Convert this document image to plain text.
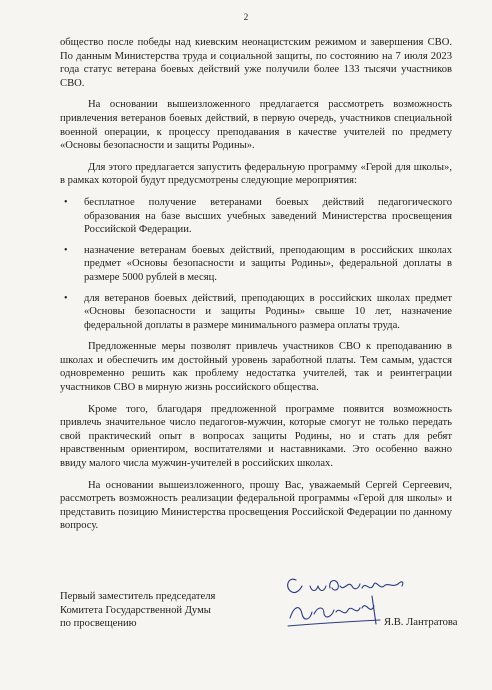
2

общество после победы над киевским неонацистским режимом и завершения СВО. По данным Министерства труда и социальной защиты, по состоянию на 7 июля 2023 года статус ветерана боевых действий уже получили более 133 тысячи участников СВО.

На основании вышеизложенного предлагается рассмотреть возможность привлечения ветеранов боевых действий, в первую очередь, участников специальной военной операции, к процессу преподавания в качестве учителей по предмету «Основы безопасности и защиты Родины».

Для этого предлагается запустить федеральную программу «Герой для школы», в рамках которой будут предусмотрены следующие мероприятия:

• бесплатное получение ветеранами боевых действий педагогического образования на базе высших учебных заведений Министерства просвещения Российской Федерации.
• назначение ветеранам боевых действий, преподающим в российских школах предмет «Основы безопасности и защиты Родины», федеральной доплаты в размере 5000 рублей в месяц.
• для ветеранов боевых действий, преподающих в российских школах предмет «Основы безопасности и защиты Родины» свыше 10 лет, назначение федеральной доплаты в размере минимального размера оплаты труда.

Предложенные меры позволят привлечь участников СВО к преподаванию в школах и обеспечить им достойный уровень заработной платы. Тем самым, удастся одновременно решить как проблему недостатка учителей, так и реинтеграции участников СВО в мирную жизнь российского общества.

Кроме того, благодаря предложенной программе появится возможность привлечь значительное число педагогов-мужчин, которые смогут не только передать свой практический опыт в вопросах защиты Родины, но и стать для ребят нравственным ориентиром, воспитателями и наставниками. Это особенно важно ввиду малого числа мужчин-учителей в российских школах.

На основании вышеизложенного, прошу Вас, уважаемый Сергей Сергеевич, рассмотреть возможность реализации федеральной программы «Герой для школы» и представить позицию Министерства просвещения Российской Федерации по данному вопросу.

Первый заместитель председателя
Комитета Государственной Думы
по просвещению	Я.В. Лантратова
